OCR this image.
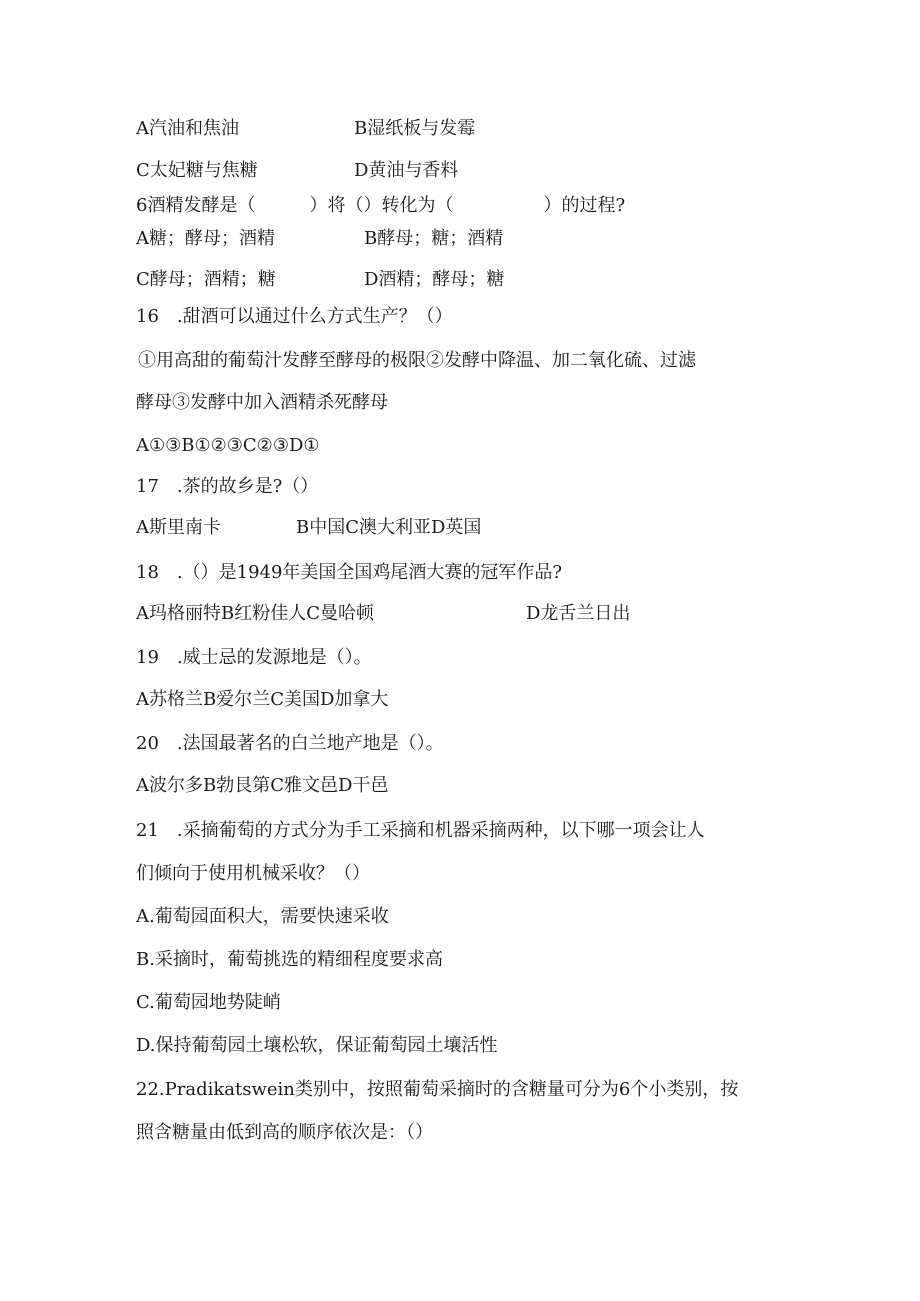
A汽油和焦油	B湿纸板与发霉
C太妃糖与焦糖	D黄油与香料
6酒精发酵是（　　　）将（）转化为（　　　　　）的过程?
A糖；酵母；酒精	B酵母；糖；酒精
C酵母；酒精；糖	D酒精；酵母；糖
16　.甜酒可以通过什么方式生产？（）
①用高甜的葡萄汁发酵至酵母的极限②发酵中降温、加二氧化硫、过滤
酵母③发酵中加入酒精杀死酵母
A①③B①②③C②③D①
17　.茶的故乡是?（）
A斯里南卡	B中国C澳大利亚D英国
18　.（）是1949年美国全国鸡尾酒大赛的冠军作品?
A玛格丽特B红粉佳人C曼哈顿	D龙舌兰日出
19　.威士忌的发源地是（）。
A苏格兰B爱尔兰C美国D加拿大
20　.法国最著名的白兰地产地是（）。
A波尔多B勃艮第C雅文邑D干邑
21　.采摘葡萄的方式分为手工采摘和机器采摘两种，以下哪一项会让人
们倾向于使用机械采收？（）
A.葡萄园面积大，需要快速采收
B.采摘时，葡萄挑选的精细程度要求高
C.葡萄园地势陡峭
D.保持葡萄园土壤松软，保证葡萄园土壤活性
22.Pradikatswein类别中，按照葡萄采摘时的含糖量可分为6个小类别，按
照含糖量由低到高的顺序依次是：（）
